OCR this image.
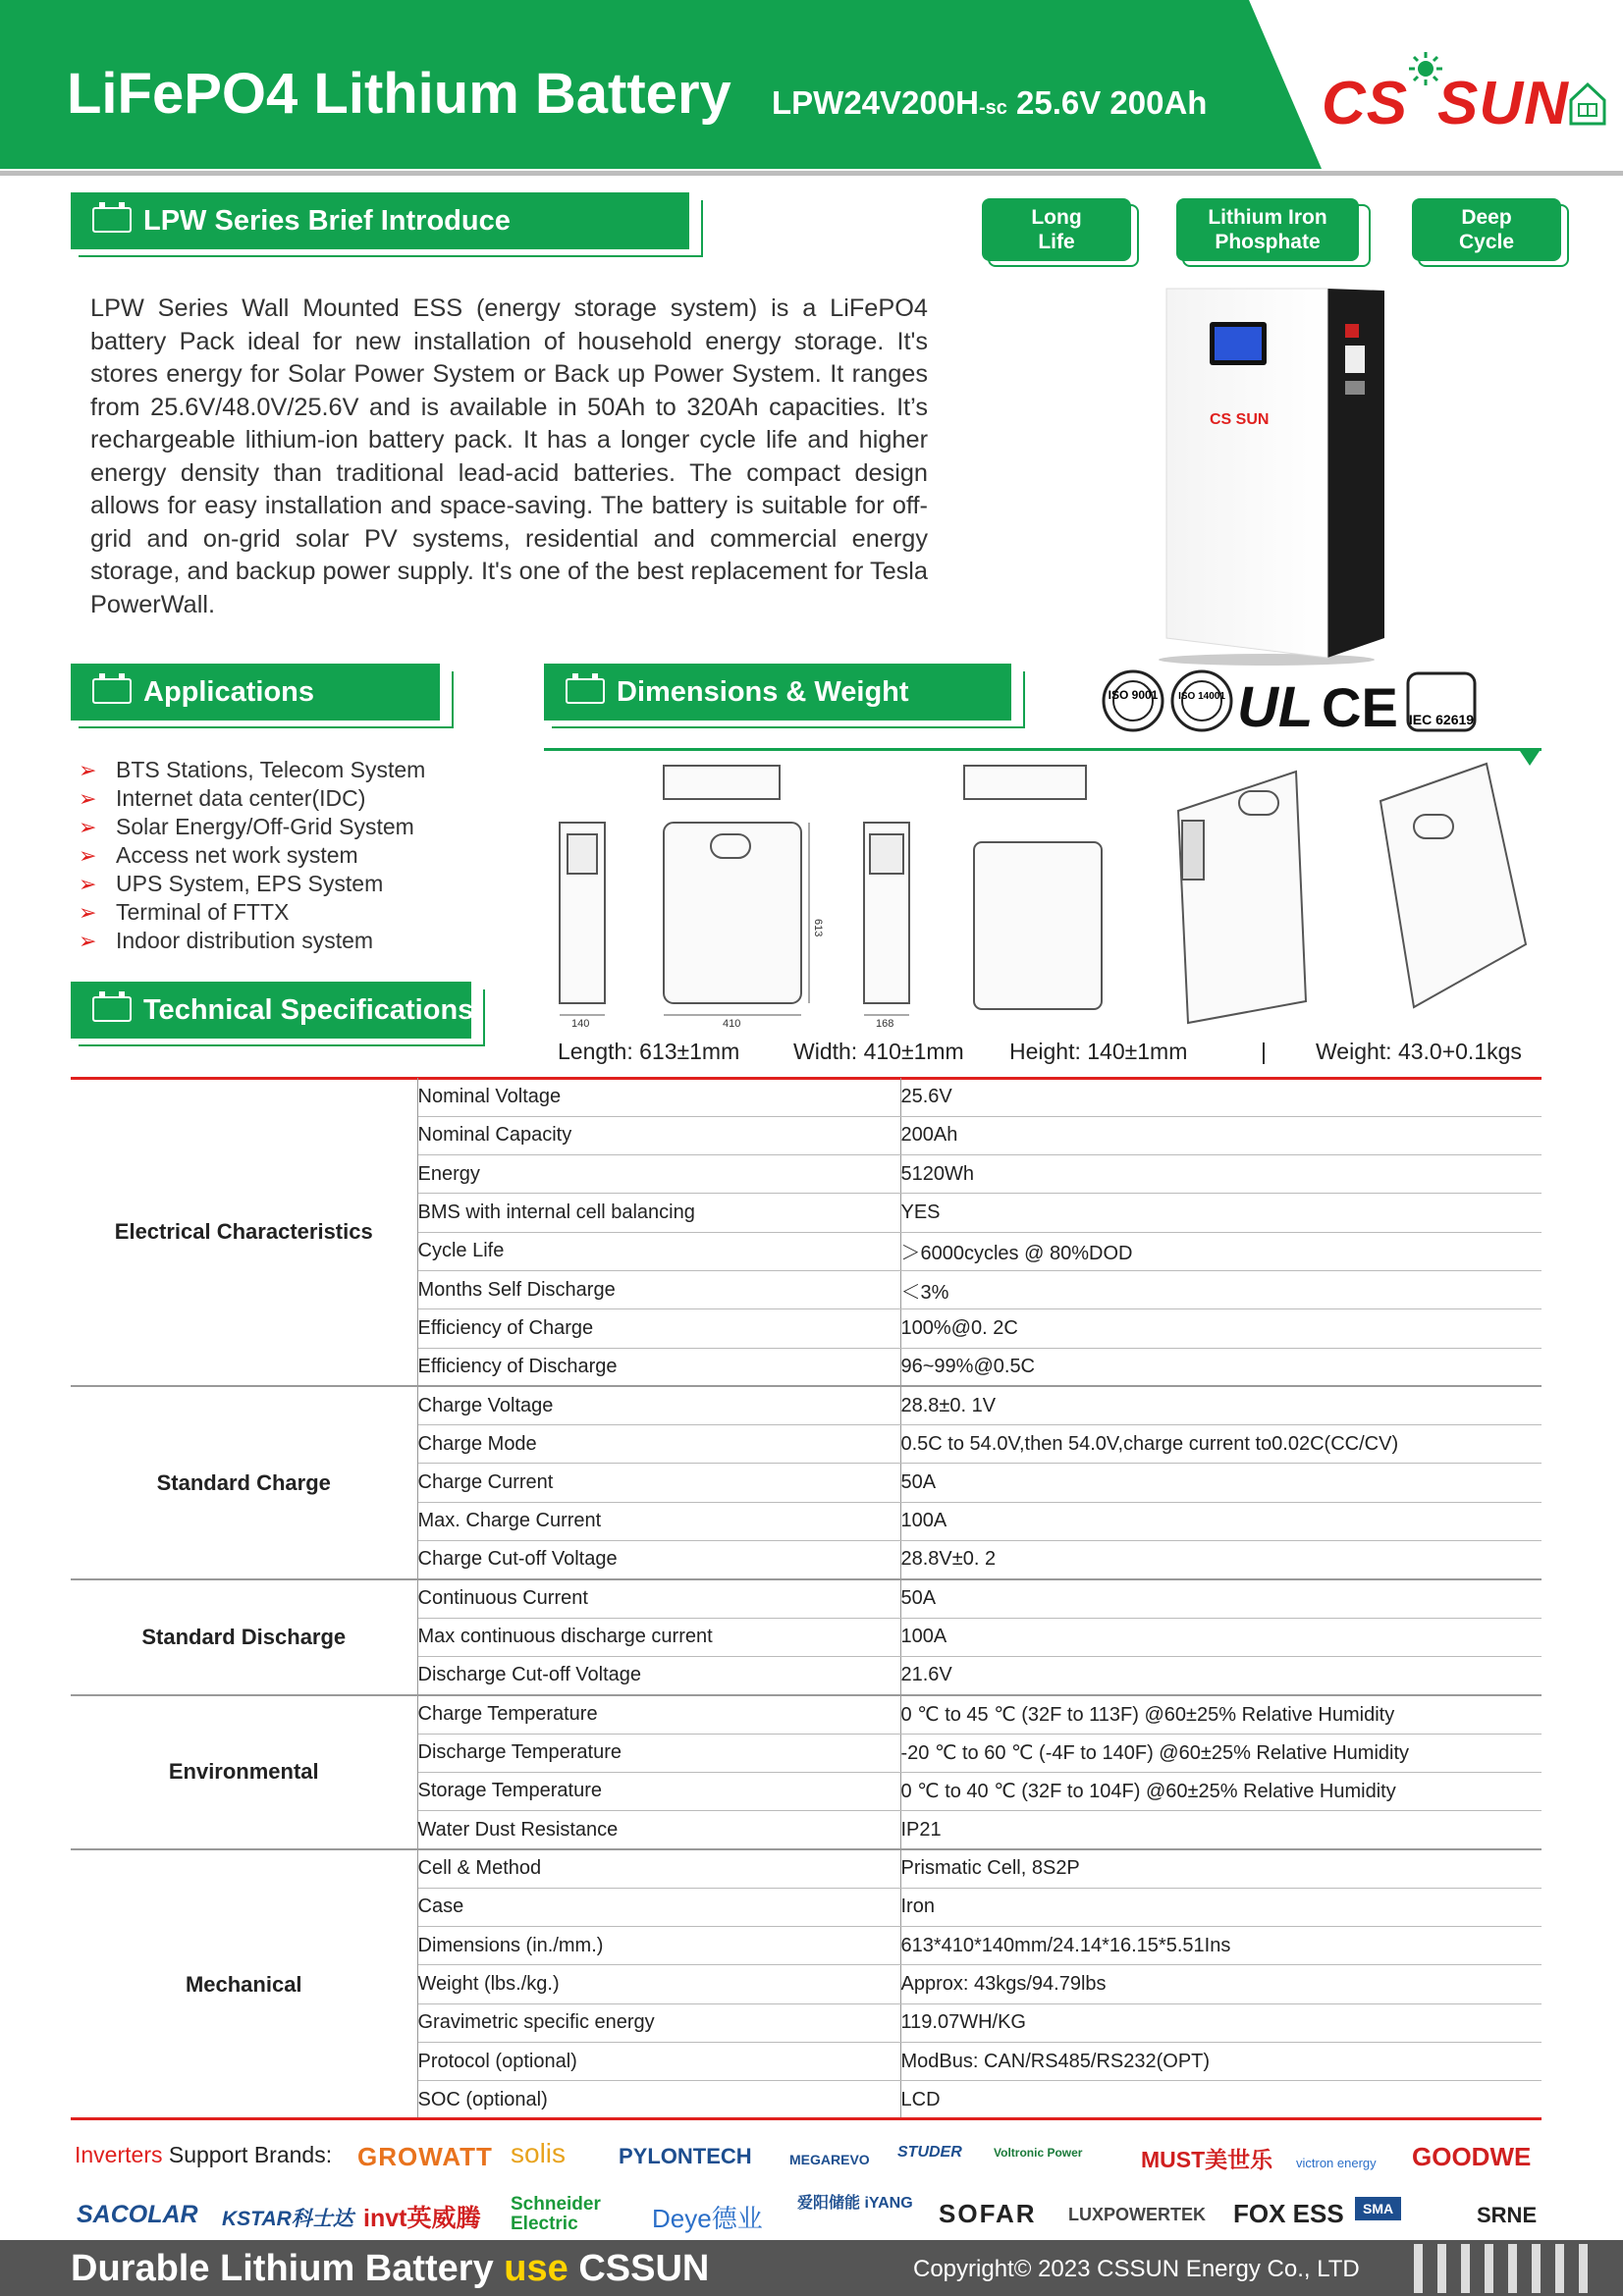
LiFePO4 Lithium Battery LPW24V200H-sc 25.6V 200Ah CS SUN
LPW Series Brief Introduce	Long
Life
Lithium Iron
Phosphate
Deep
Cycle

LPW Series Wall Mounted ESS (energy storage system) is a LiFePO4 battery Pack ideal for new installation of household energy storage. It's stores energy for Solar Power System or Back up Power System. It ranges from 25.6V/48.0V/25.6V and is available in 50Ah to 320Ah capacities. It’s rechargeable lithium-ion battery pack. It has a longer cycle life and higher energy density than traditional lead-acid batteries. The compact design allows for easy installation and space-saving. The battery is suitable for off-grid and on-grid solar PV systems, residential and commercial energy storage, and backup power supply. It's one of the best replacement for Tesla PowerWall.

CS SUN
Applications
➢ BTS Stations, Telecom System
➢ Internet data center(IDC)
➢ Solar Energy/Off-Grid System
➢ Access net work system
➢ UPS System, EPS System
➢ Terminal of FTTX
➢ Indoor distribution system
Dimensions & Weight	ISO 9001 ISO 14001 UL CE IEC 62619
140	410
613
168
Length: 613±1mm Width: 410±1mm Height: 140±1mm	| Weight: 43.0+0.1kgs
Technical Specifications
Electrical Characteristics	Nominal Voltage	25.6V
	Nominal Capacity	200Ah
	Energy	5120Wh
	BMS with internal cell balancing	YES
	Cycle Life	＞6000cycles @ 80%DOD
	Months Self Discharge	＜3%
	Efficiency of Charge	100%@0. 2C
	Efficiency of Discharge	96~99%@0.5C
Standard Charge	Charge Voltage	28.8±0. 1V
	Charge Mode	0.5C to 54.0V,then 54.0V,charge current to0.02C(CC/CV)
	Charge Current	50A
	Max. Charge Current	100A
	Charge Cut-off Voltage	28.8V±0. 2
Standard Discharge	Continuous Current	50A
	Max continuous discharge current	100A
	Discharge Cut-off Voltage	21.6V
Environmental	Charge Temperature	0 ℃ to 45 ℃ (32F to 113F) @60±25% Relative Humidity
	Discharge Temperature	-20 ℃ to 60 ℃ (-4F to 140F) @60±25% Relative Humidity
	Storage Temperature	0 ℃ to 40 ℃ (32F to 104F) @60±25% Relative Humidity
	Water Dust Resistance	IP21
Mechanical	Cell & Method	Prismatic Cell, 8S2P
	Case	Iron
	Dimensions (in./mm.)	613*410*140mm/24.14*16.15*5.51Ins
	Weight (lbs./kg.)	Approx: 43kgs/94.79lbs
	Gravimetric specific energy	119.07WH/KG
	Protocol (optional)	ModBus: CAN/RS485/RS232(OPT)
	SOC (optional)	LCD
Inverters Support Brands: GROWATT solis PYLONTECH	MEGAREVO STUDER	Voltronic Power	MUST美世乐 victron energy GOODWE
SACOLAR KSTAR科士达 invt英威腾
Schneider Electric	Deye德业
爱阳储能 iYANG SOFAR LUXPOWERTEK FOX ESS	SMA	SRNE
Durable Lithium Battery use CSSUN	Copyright© 2023 CSSUN Energy Co., LTD
